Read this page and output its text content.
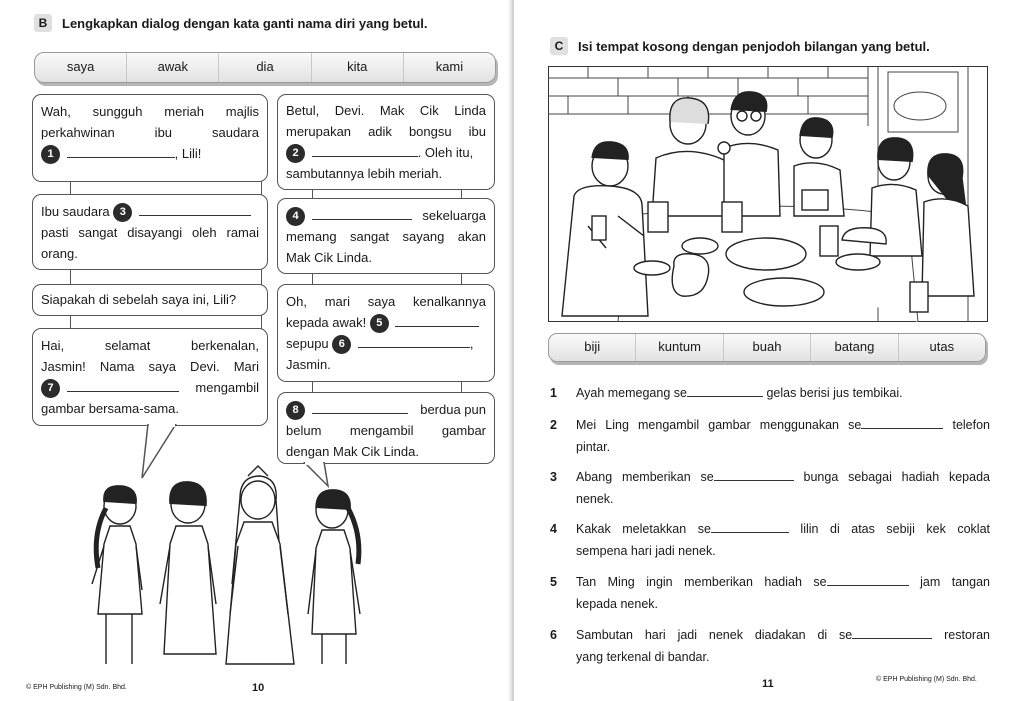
B	Lengkapkan dialog dengan kata ganti nama diri yang betul.
saya	awak	dia	kita	kami
Wah, sungguh meriah majlis
perkahwinan ibu saudara
1	, Lili!
Betul, Devi. Mak Cik Linda
merupakan adik bongsu ibu
2	. Oleh itu,
sambutannya lebih meriah.
Ibu saudara 3
pasti sangat disayangi oleh ramai
orang.
4	sekeluarga
memang sangat sayang akan
Mak Cik Linda.
Siapakah di sebelah saya ini, Lili?	Oh, mari saya kenalkannya
kepada awak! 5
sepupu 6	,
Jasmin.
Hai, selamat berkenalan,
Jasmin! Nama saya Devi. Mari
7	mengambil
gambar bersama-sama.	8	berdua pun
belum mengambil gambar
dengan Mak Cik Linda.
© EPH Publishing (M) Sdn. Bhd.	10
C	Isi tempat kosong dengan penjodoh bilangan yang betul.
biji	kuntum	buah	batang	utas
1	Ayah memegang se	gelas berisi jus tembikai.
2	Mei Ling mengambil gambar menggunakan se	telefon
pintar.
3	Abang memberikan se	bunga sebagai hadiah kepada
nenek.
4	Kakak meletakkan se	lilin di atas sebiji kek coklat
sempena hari jadi nenek.
5	Tan Ming ingin memberikan hadiah se	jam tangan
kepada nenek.
6	Sambutan hari jadi nenek diadakan di se	restoran
yang terkenal di bandar.
11	© EPH Publishing (M) Sdn. Bhd.
